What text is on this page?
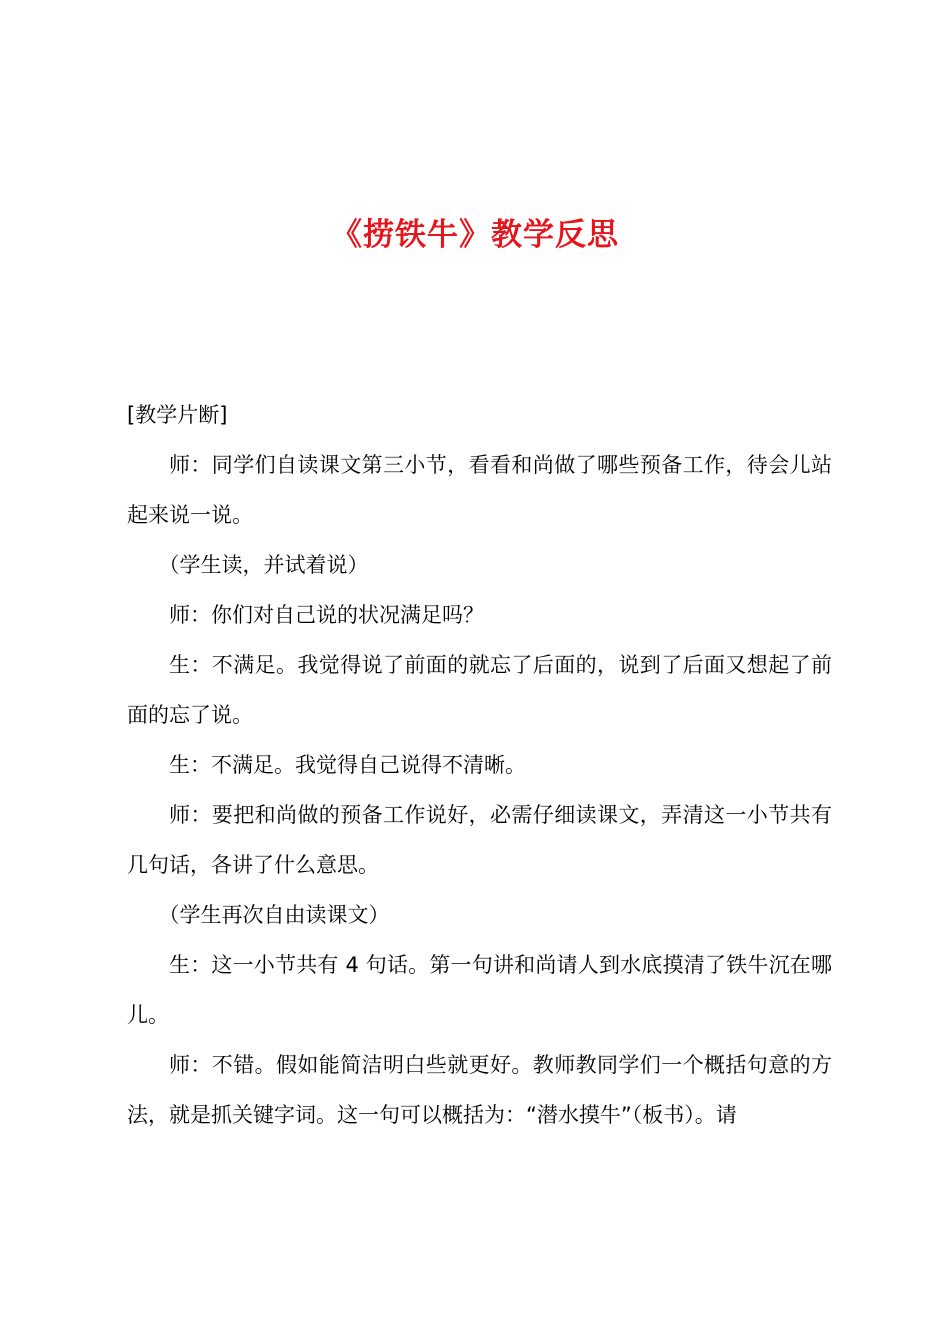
《捞铁牛》教学反思

[教学片断]

师：同学们自读课文第三小节，看看和尚做了哪些预备工作，待会儿站起来说一说。

（学生读，并试着说）

师：你们对自己说的状况满足吗？

生：不满足。我觉得说了前面的就忘了后面的，说到了后面又想起了前面的忘了说。

生：不满足。我觉得自己说得不清晰。

师：要把和尚做的预备工作说好，必需仔细读课文，弄清这一小节共有几句话，各讲了什么意思。

（学生再次自由读课文）

生：这一小节共有 4 句话。第一句讲和尚请人到水底摸清了铁牛沉在哪儿。

师：不错。假如能简洁明白些就更好。教师教同学们一个概括句意的方法，就是抓关键字词。这一句可以概括为：“潜水摸牛”（板书）。请
